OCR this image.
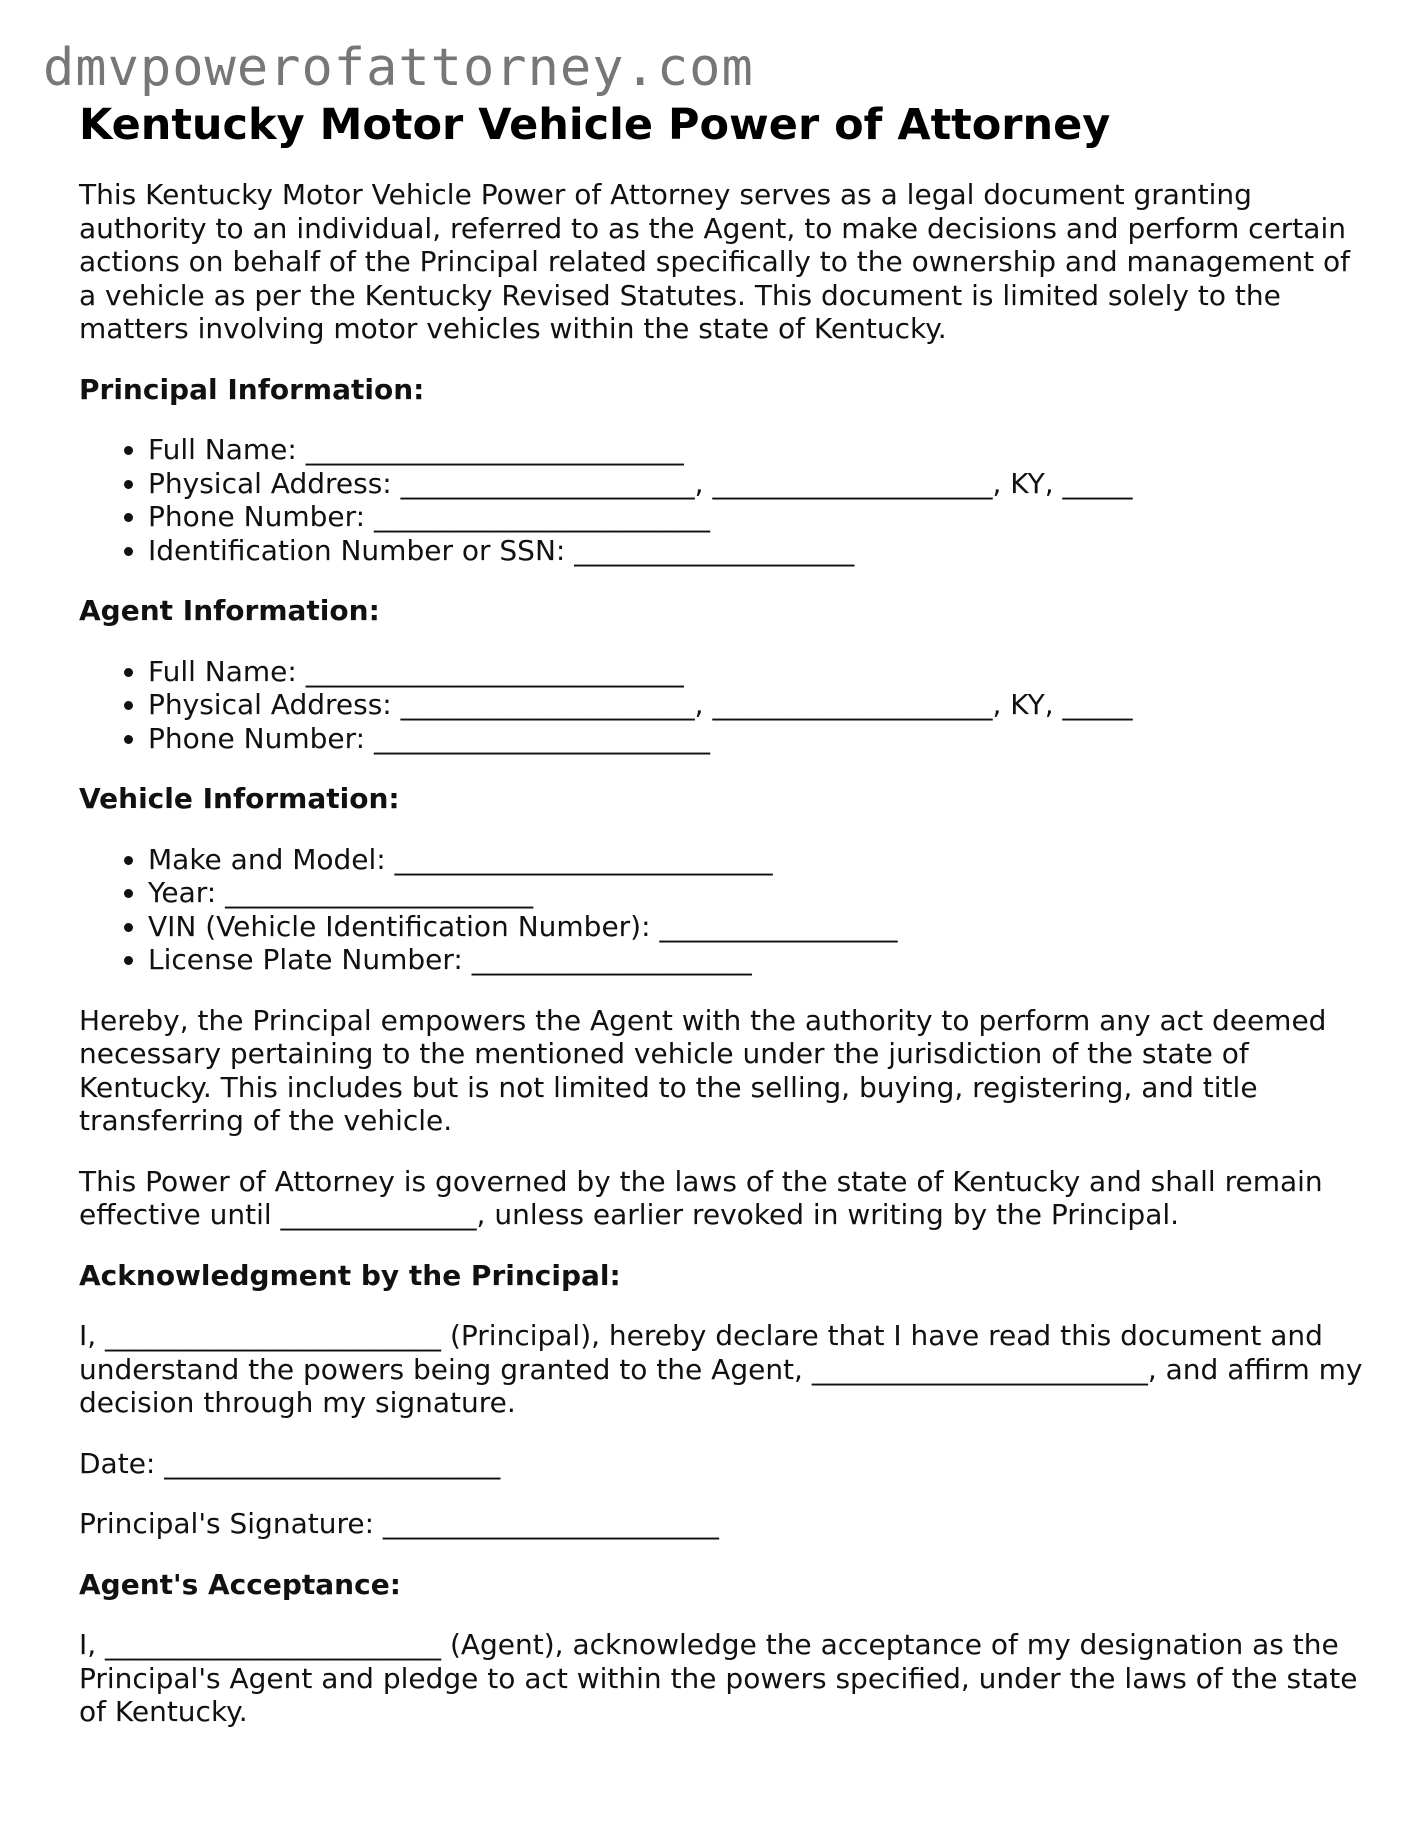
dmvpowerofattorney.com
Kentucky Motor Vehicle Power of Attorney

This Kentucky Motor Vehicle Power of Attorney serves as a legal document granting authority to an individual, referred to as the Agent, to make decisions and perform certain actions on behalf of the Principal related specifically to the ownership and management of a vehicle as per the Kentucky Revised Statutes. This document is limited solely to the matters involving motor vehicles within the state of Kentucky.

Principal Information:
• Full Name: ___________________________
• Physical Address: _____________________, ____________________, KY, _____
• Phone Number: ________________________
• Identification Number or SSN: ____________________
Agent Information:
• Full Name: ___________________________
• Physical Address: _____________________, ____________________, KY, _____
• Phone Number: ________________________
Vehicle Information:
• Make and Model: ___________________________
• Year: ______________________
• VIN (Vehicle Identification Number): _________________
• License Plate Number: ____________________

Hereby, the Principal empowers the Agent with the authority to perform any act deemed necessary pertaining to the mentioned vehicle under the jurisdiction of the state of Kentucky. This includes but is not limited to the selling, buying, registering, and title transferring of the vehicle.

This Power of Attorney is governed by the laws of the state of Kentucky and shall remain effective until ______________, unless earlier revoked in writing by the Principal.

Acknowledgment by the Principal:

I, ________________________ (Principal), hereby declare that I have read this document and understand the powers being granted to the Agent, ________________________, and affirm my decision through my signature.

Date: ________________________

Principal's Signature: ________________________

Agent's Acceptance:

I, ________________________ (Agent), acknowledge the acceptance of my designation as the Principal's Agent and pledge to act within the powers specified, under the laws of the state of Kentucky.
